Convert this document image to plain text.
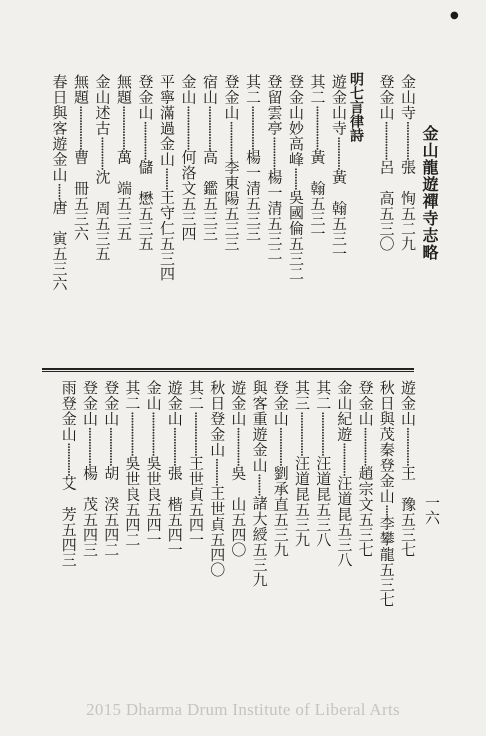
●
金山龍遊禪寺志略
明七言律詩
一六
2015 Dharma Drum Institute of Liberal Arts
金山寺··············張　恂五二九
登金山··············呂　高五三〇
遊金山寺············黃　翰五三一
其二················黃　翰五三一
登金山妙高峰········吳國倫五三二
登留雲亭············楊一清五三二
其二················楊一清五三三
登金山··············李東陽五三三
宿山················高　鑑五三三
金山················何洛文五三四
平寧滿過金山········王守仁五三四
登金山··············儲　懋五三五
無題················萬　端五三五
金山述古············沈　周五三五
無題················曹　冊五三六
春日與客遊金山······唐　寅五三六
遊金山··············王　豫五三七
秋日與茂秦登金山····李攀龍五三七
登金山··············趙宗文五三七
金山紀遊············汪道昆五三八
其二················汪道昆五三八
其三················汪道昆五三九
登金山··············劉承直五三九
與客重遊金山········諸大綬五三九
遊金山··············吳　山五四〇
秋日登金山··········王世貞五四〇
其二················王世貞五四一
遊金山··············張　楷五四一
金山················吳世良五四一
其二················吳世良五四二
登金山··············胡　湀五四二
登金山··············楊　茂五四三
雨登金山············艾　芳五四三
